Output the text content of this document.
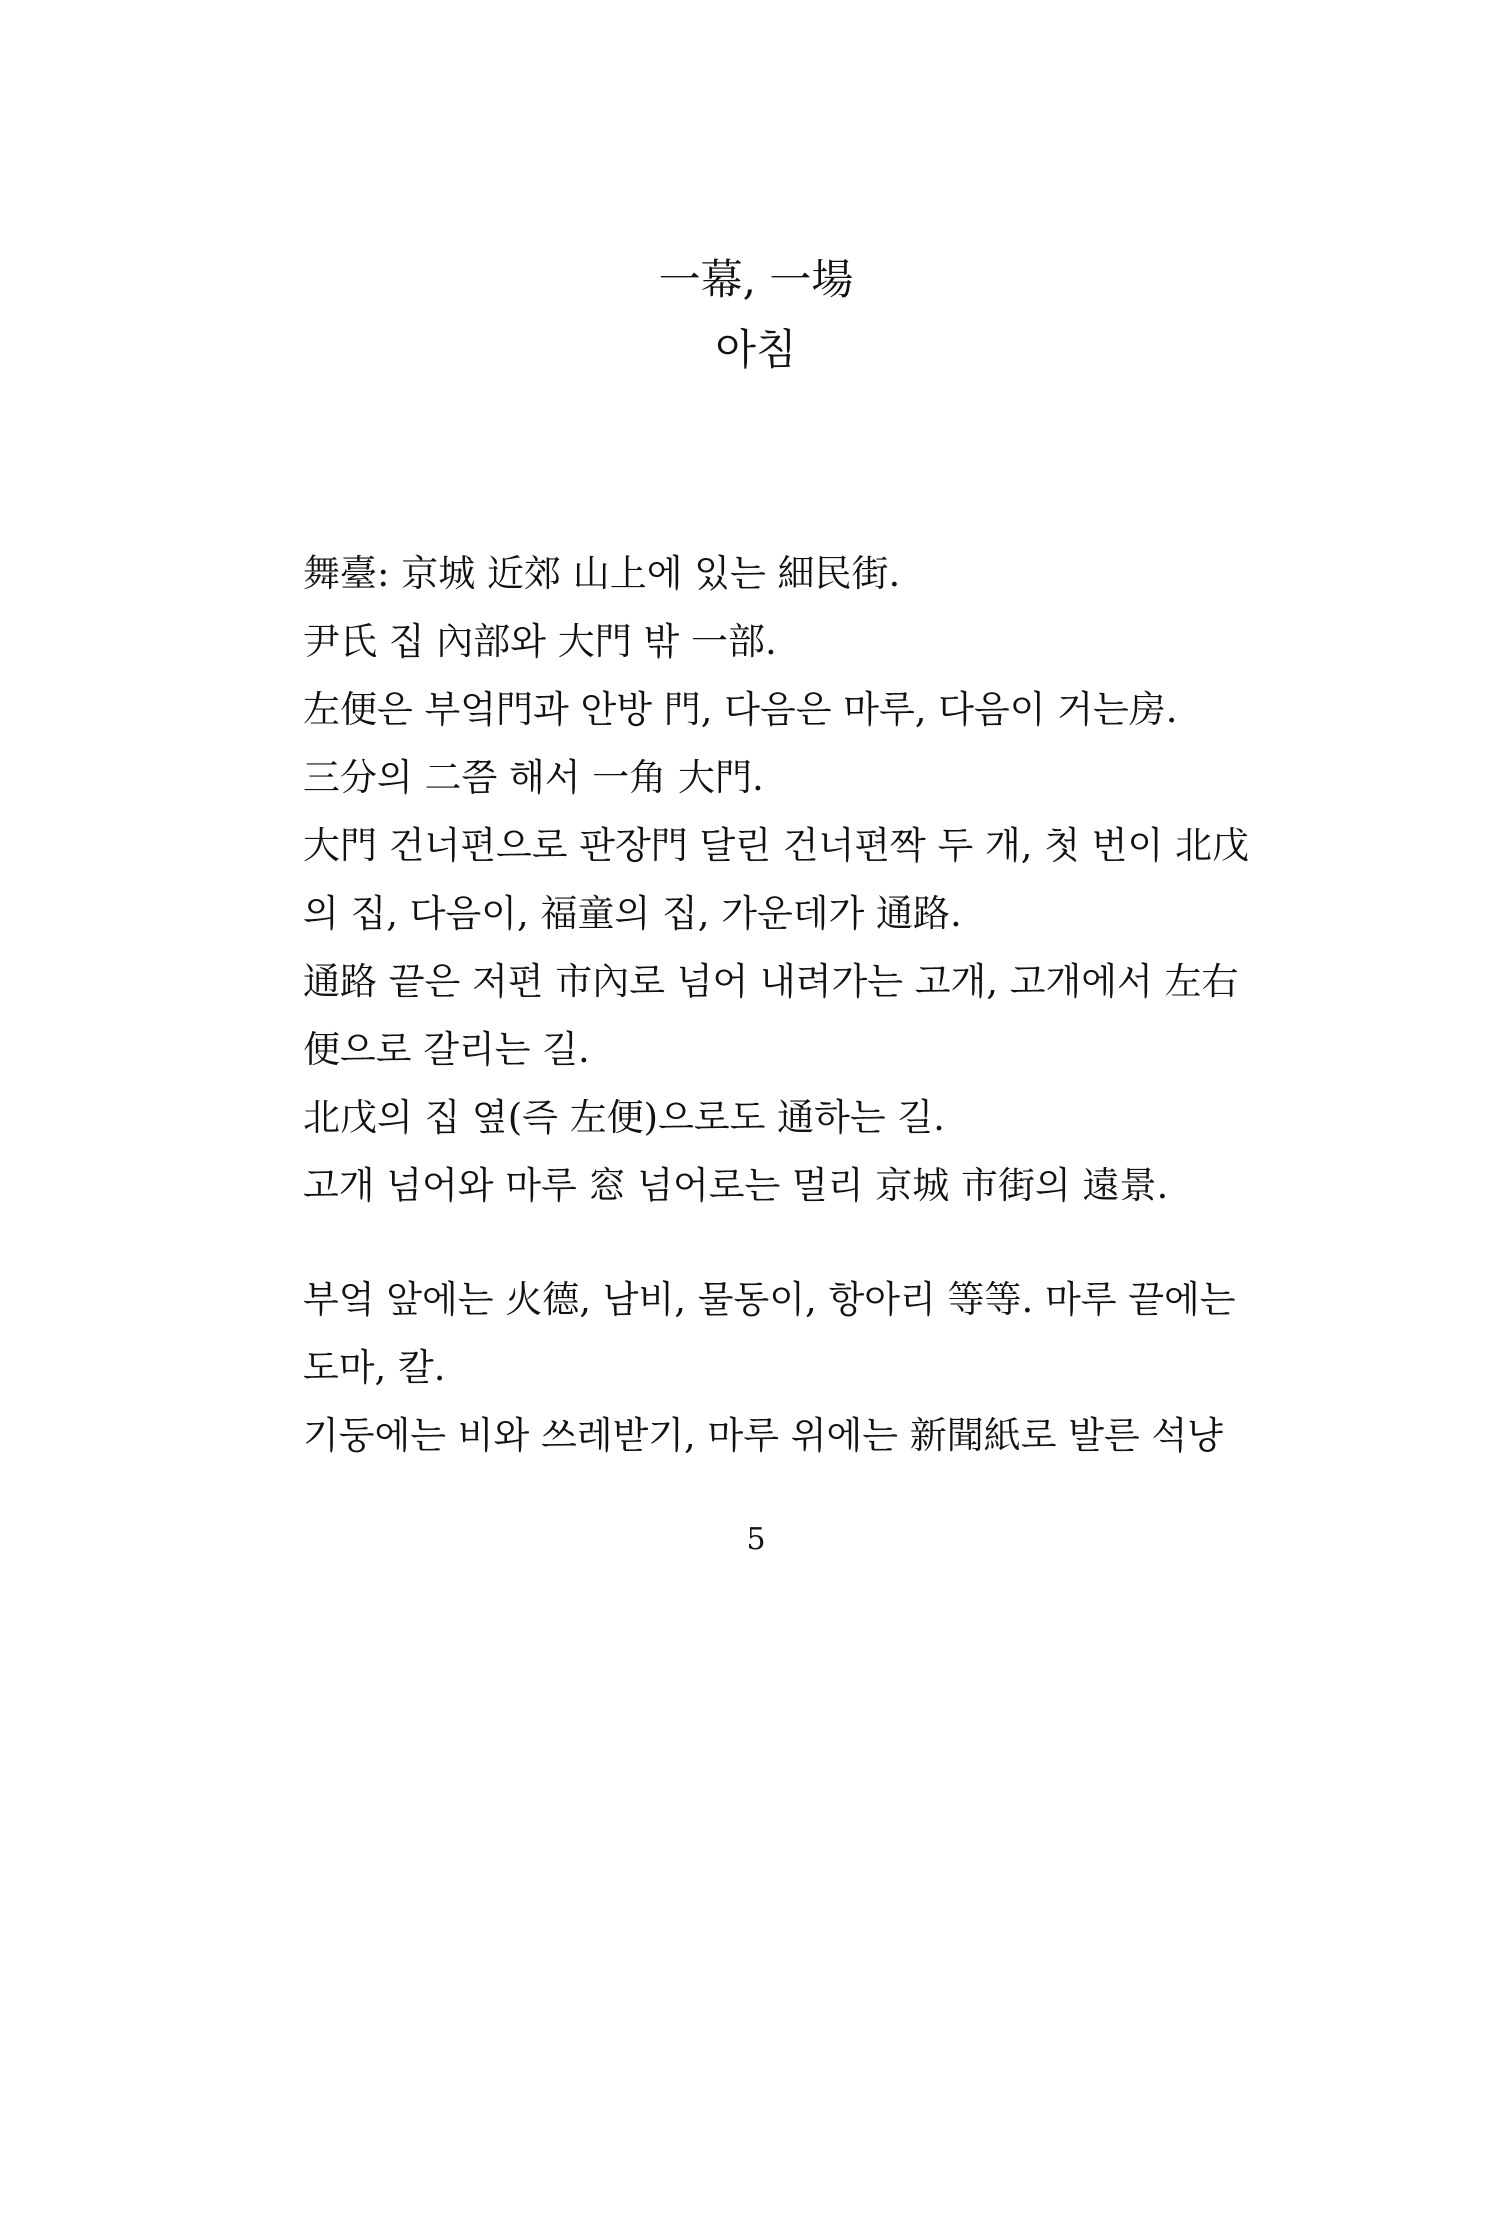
一幕, 一場
아침
舞臺: 京城 近郊 山上에 있는 細民街.
尹氏 집 內部와 大門 밖 一部.
左便은 부엌門과 안방 門, 다음은 마루, 다음이 거는房.
三分의 二쯤 해서 一角 大門.
大門 건너편으로 판장門 달린 건너편짝 두 개, 첫 번이 北戊
의 집, 다음이, 福童의 집, 가운데가 通路.
通路 끝은 저편 市內로 넘어 내려가는 고개, 고개에서 左右
便으로 갈리는 길.
北戊의 집 옆(즉 左便)으로도 通하는 길.
고개 넘어와 마루 窓 넘어로는 멀리 京城 市街의 遠景.
부엌 앞에는 火德, 남비, 물동이, 항아리 等等. 마루 끝에는
도마, 칼.
기둥에는 비와 쓰레받기, 마루 위에는 新聞紙로 발른 석냥
5
